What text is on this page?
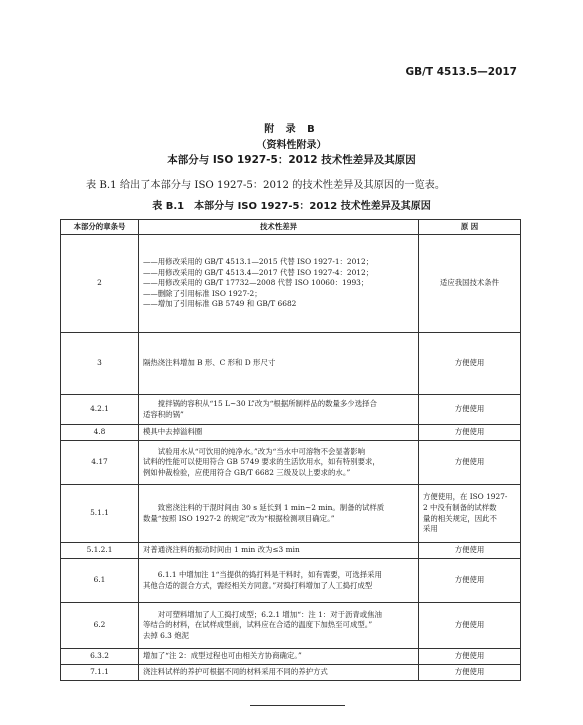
GB/T 4513.5—2017
附 录 B
（资料性附录）
本部分与 ISO 1927-5：2012 技术性差异及其原因
表 B.1 给出了本部分与 ISO 1927-5：2012 的技术性差异及其原因的一览表。
表 B.1　本部分与 ISO 1927-5：2012 技术性差异及其原因
本部分的章条号	技术性差异	原 因
2	——用修改采用的 GB/T 4513.1—2015 代替 ISO 1927-1：2012；
——用修改采用的 GB/T 4513.4—2017 代替 ISO 1927-4：2012；
——用修改采用的 GB/T 17732—2008 代替 ISO 10060：1993；
——删除了引用标准 ISO 1927-2；
——增加了引用标准 GB 5749 和 GB/T 6682	适应我国技术条件

3	隔热浇注料增加 B 形、C 形和 D 形尺寸	方便使用

4.2.1	搅拌锅的容积从“15 L~30 L”改为“根据所制样品的数量多少选择合
适容积的锅”	方便使用

4.8	模具中去掉溢料圈	方便使用

4.17	试验用水从“可饮用的纯净水。”改为“当水中可溶物不会显著影响
试料的性能可以使用符合 GB 5749 要求的生活饮用水，如有特别要求，
例如仲裁检验，应使用符合 GB/T 6682 三级及以上要求的水。”	方便使用

5.1.1	致密浇注料的干混时间由 30 s 延长到 1 min~2 min。制备的试样质
数量“按照 ISO 1927-2 的规定”改为“根据检测项目确定。”	方便使用，在 ISO 1927-
2 中没有制备的试样数
量的相关规定，因此不
采用

5.1.2.1	对普通浇注料的振动时间由 1 min 改为≤3 min	方便使用

6.1	6.1.1 中增加注 1“当提供的捣打料是干料时，如有需要，可选择采用
其他合适的混合方式，需经相关方同意。”对捣打料增加了人工捣打成型	方便使用

6.2	对可塑料增加了人工捣打成型；6.2.1 增加“：注 1：对于沥青或焦油
等结合的材料，在试样成型前，试料应在合适的温度下加热至可成型。”
去掉 6.3 炮泥	方便使用

6.3.2	增加了“注 2：成型过程也可由相关方协商确定。”	方便使用

7.1.1	浇注料试样的养护可根据不同的材料采用不同的养护方式	方便使用
